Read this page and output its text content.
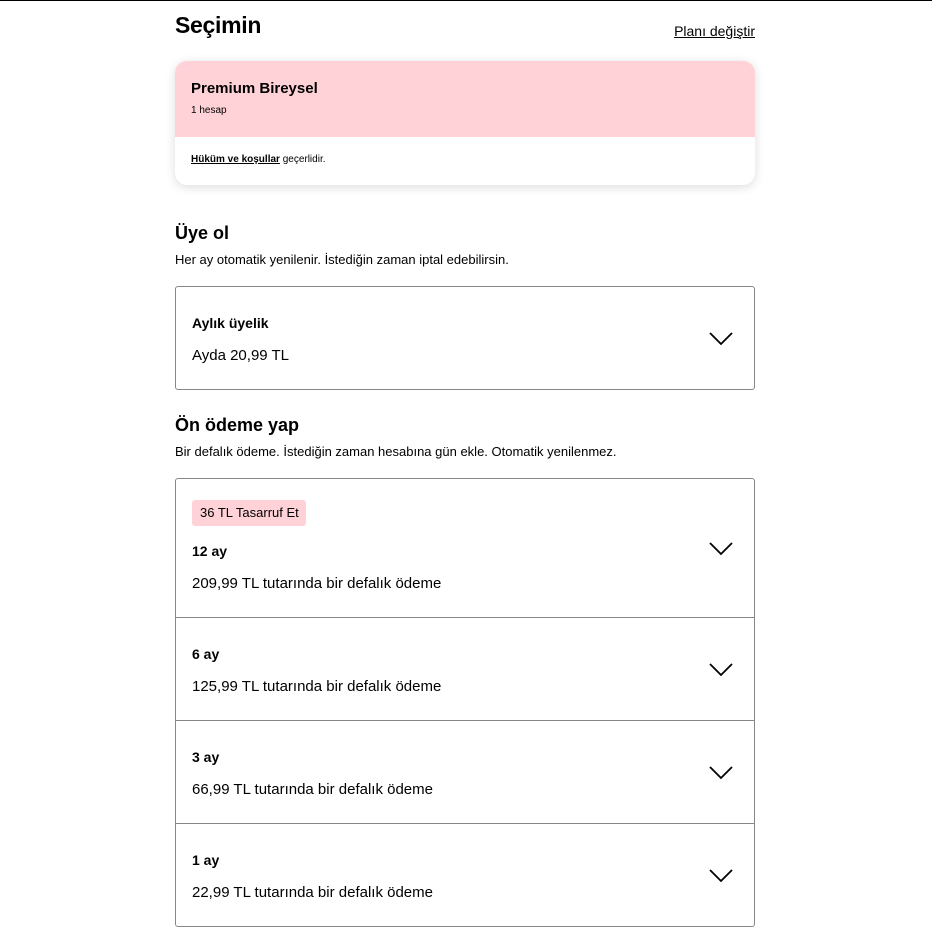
Seçimin	Planı değiştir
Premium Bireysel
1 hesap
Hüküm ve koşullar geçerlidir.
Üye ol
Her ay otomatik yenilenir. İstediğin zaman iptal edebilirsin.
Aylık üyelik
Ayda 20,99 TL
Ön ödeme yap
Bir defalık ödeme. İstediğin zaman hesabına gün ekle. Otomatik yenilenmez.
36 TL Tasarruf Et
12 ay
209,99 TL tutarında bir defalık ödeme
6 ay
125,99 TL tutarında bir defalık ödeme
3 ay
66,99 TL tutarında bir defalık ödeme
1 ay
22,99 TL tutarında bir defalık ödeme
